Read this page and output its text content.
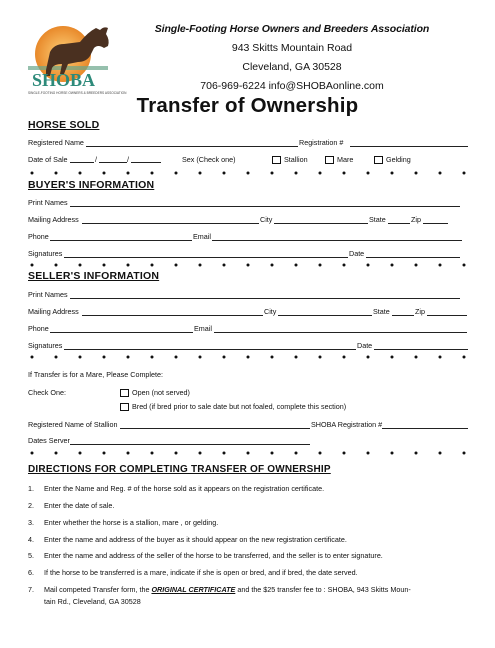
SHOBA
SINGLE-FOOTING HORSE OWNERS & BREEDERS ASSOCIATION
Single-Footing Horse Owners and Breeders Association
943 Skitts Mountain Road
Cleveland, GA 30528
706-969-6224 info@SHOBAonline.com
Transfer of Ownership
HORSE SOLD
Registered Name	Registration #
Date of Sale	/	/	Sex (Check one)	Stallion	Mare	Gelding
BUYER'S INFORMATION
Print Names
Mailing Address	City	State	Zip
Phone	Email
Signatures	Date
SELLER'S INFORMATION
Print Names
Mailing Address	City	State	Zip
Phone	Email
Signatures	Date
If Transfer is for a Mare, Please Complete:
Check One:	Open (not served)
Bred (if bred prior to sale date but not foaled, complete this section)
Registered Name of Stallion	SHOBA Registration #
Dates Server
DIRECTIONS FOR COMPLETING TRANSFER OF OWNERSHIP
1. Enter the Name and Reg. # of the horse sold as it appears on the registration certificate.
2. Enter the date of sale.
3. Enter whether the horse is a stallion, mare , or gelding.
4. Enter the name and address of the buyer as it should appear on the new registration certificate.
5. Enter the name and address of the seller of the horse to be transferred, and the seller is to enter signature.
6. If the horse to be transferred is a mare, indicate if she is open or bred, and if bred, the date served.
7. Mail competed Transfer form, the ORIGINAL CERTIFICATE and the $25 transfer fee to : SHOBA, 943 Skitts Moun-
tain Rd., Cleveland, GA 30528
